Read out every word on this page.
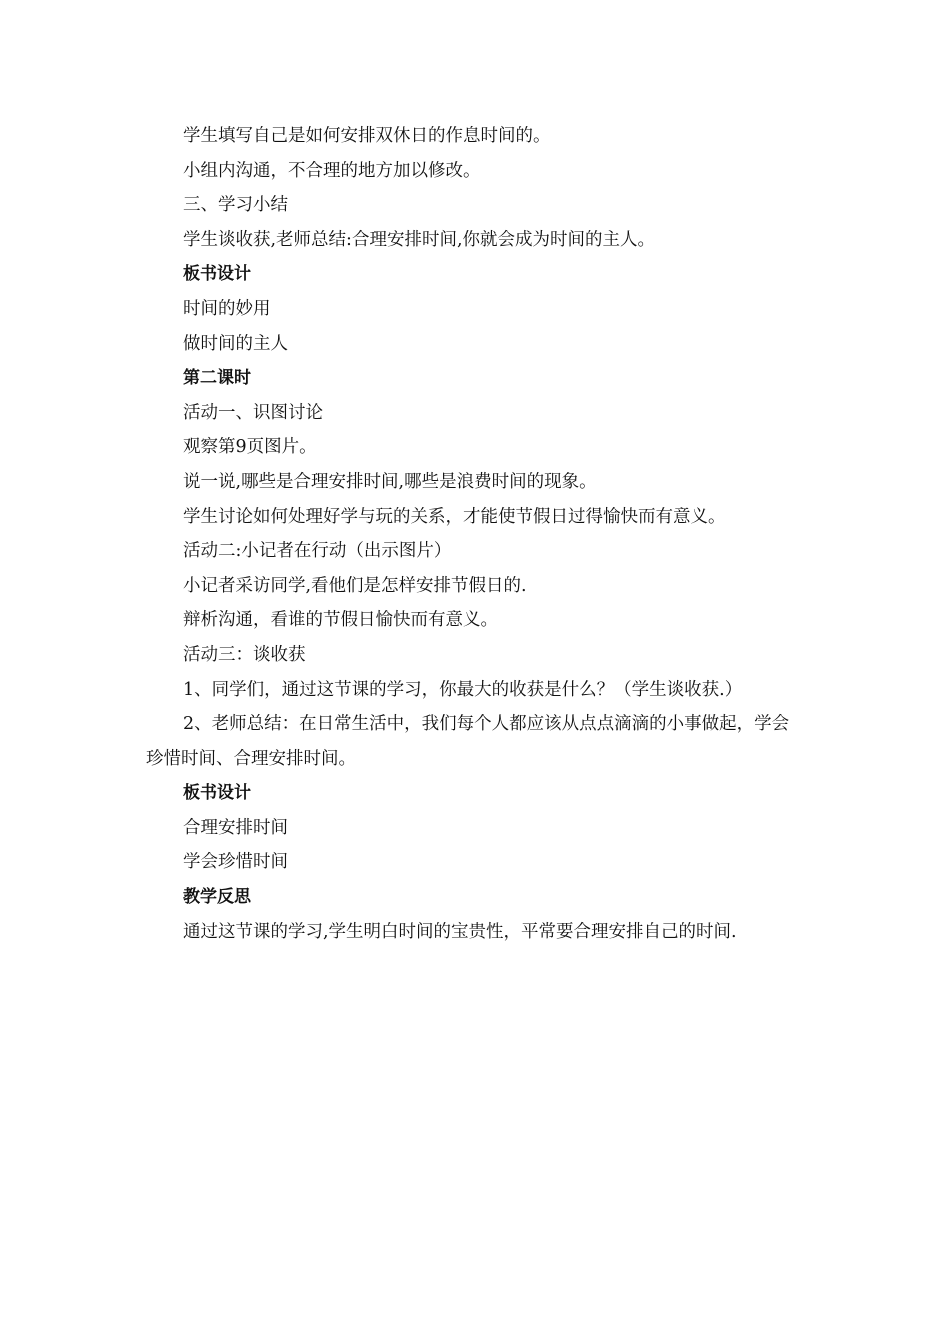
学生填写自己是如何安排双休日的作息时间的。
小组内沟通，不合理的地方加以修改。
三、学习小结
学生谈收获,老师总结:合理安排时间,你就会成为时间的主人。
板书设计
时间的妙用
做时间的主人
第二课时
活动一、识图讨论
观察第9页图片。
说一说,哪些是合理安排时间,哪些是浪费时间的现象。
学生讨论如何处理好学与玩的关系，才能使节假日过得愉快而有意义。
活动二:小记者在行动（出示图片）
小记者采访同学,看他们是怎样安排节假日的.
辩析沟通，看谁的节假日愉快而有意义。
活动三：谈收获
1、同学们，通过这节课的学习，你最大的收获是什么？（学生谈收获.）
2、老师总结：在日常生活中，我们每个人都应该从点点滴滴的小事做起，学会珍惜时间、合理安排时间。
板书设计
合理安排时间
学会珍惜时间
教学反思
通过这节课的学习,学生明白时间的宝贵性，平常要合理安排自己的时间.
